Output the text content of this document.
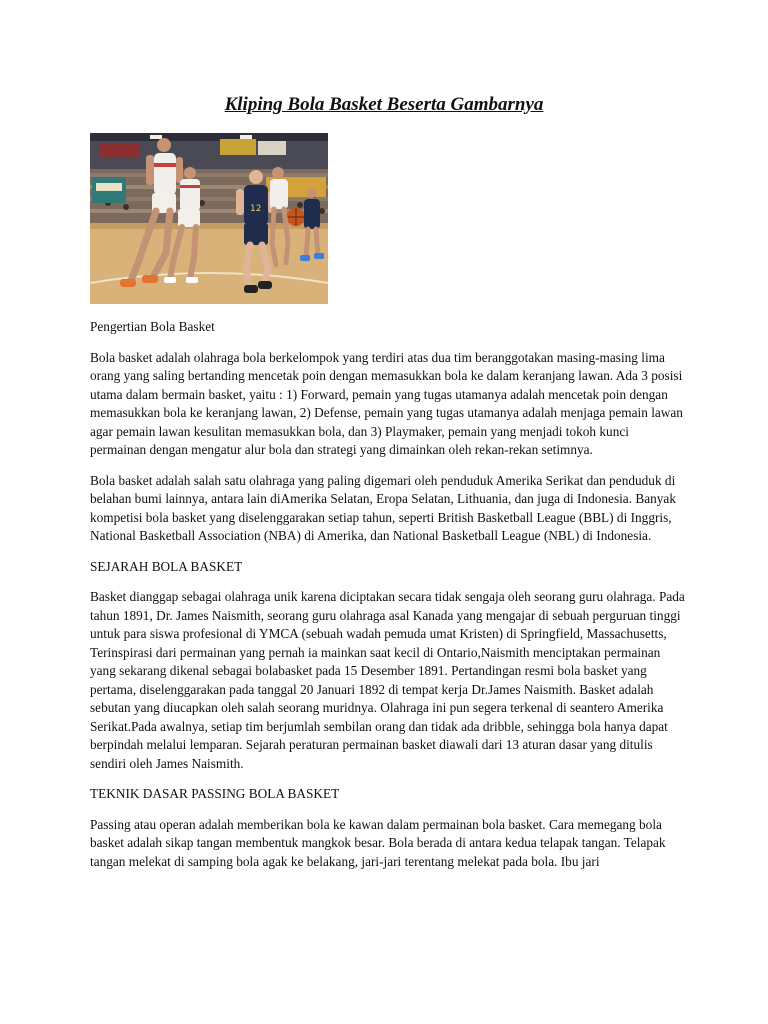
Kliping Bola Basket Beserta Gambarnya
12

Pengertian Bola Basket

Bola basket adalah olahraga bola berkelompok yang terdiri atas dua tim beranggotakan masing-masing lima orang yang saling bertanding mencetak poin dengan memasukkan bola ke dalam keranjang lawan. Ada 3 posisi utama dalam bermain basket, yaitu : 1) Forward, pemain yang tugas utamanya adalah mencetak poin dengan memasukkan bola ke keranjang lawan, 2) Defense, pemain yang tugas utamanya adalah menjaga pemain lawan agar pemain lawan kesulitan memasukkan bola, dan 3) Playmaker, pemain yang menjadi tokoh kunci permainan dengan mengatur alur bola dan strategi yang dimainkan oleh rekan-rekan setimnya.

Bola basket adalah salah satu olahraga yang paling digemari oleh penduduk Amerika Serikat dan penduduk di belahan bumi lainnya, antara lain diAmerika Selatan, Eropa Selatan, Lithuania, dan juga di Indonesia. Banyak kompetisi bola basket yang diselenggarakan setiap tahun, seperti British Basketball League (BBL) di Inggris, National Basketball Association (NBA) di Amerika, dan National Basketball League (NBL) di Indonesia.

SEJARAH BOLA BASKET

Basket dianggap sebagai olahraga unik karena diciptakan secara tidak sengaja oleh seorang guru olahraga. Pada tahun 1891, Dr. James Naismith, seorang guru olahraga asal Kanada yang mengajar di sebuah perguruan tinggi untuk para siswa profesional di YMCA (sebuah wadah pemuda umat Kristen) di Springfield, Massachusetts, Terinspirasi dari permainan yang pernah ia mainkan saat kecil di Ontario,Naismith menciptakan permainan yang sekarang dikenal sebagai bolabasket pada 15 Desember 1891. Pertandingan resmi bola basket yang pertama, diselenggarakan pada tanggal 20 Januari 1892 di tempat kerja Dr.James Naismith. Basket adalah sebutan yang diucapkan oleh salah seorang muridnya. Olahraga ini pun segera terkenal di seantero Amerika Serikat.Pada awalnya, setiap tim berjumlah sembilan orang dan tidak ada dribble, sehingga bola hanya dapat berpindah melalui lemparan. Sejarah peraturan permainan basket diawali dari 13 aturan dasar yang ditulis sendiri oleh James Naismith.

TEKNIK DASAR PASSING BOLA BASKET

Passing atau operan adalah memberikan bola ke kawan dalam permainan bola basket. Cara memegang bola basket adalah sikap tangan membentuk mangkok besar. Bola berada di antara kedua telapak tangan. Telapak tangan melekat di samping bola agak ke belakang, jari-jari terentang melekat pada bola. Ibu jari
